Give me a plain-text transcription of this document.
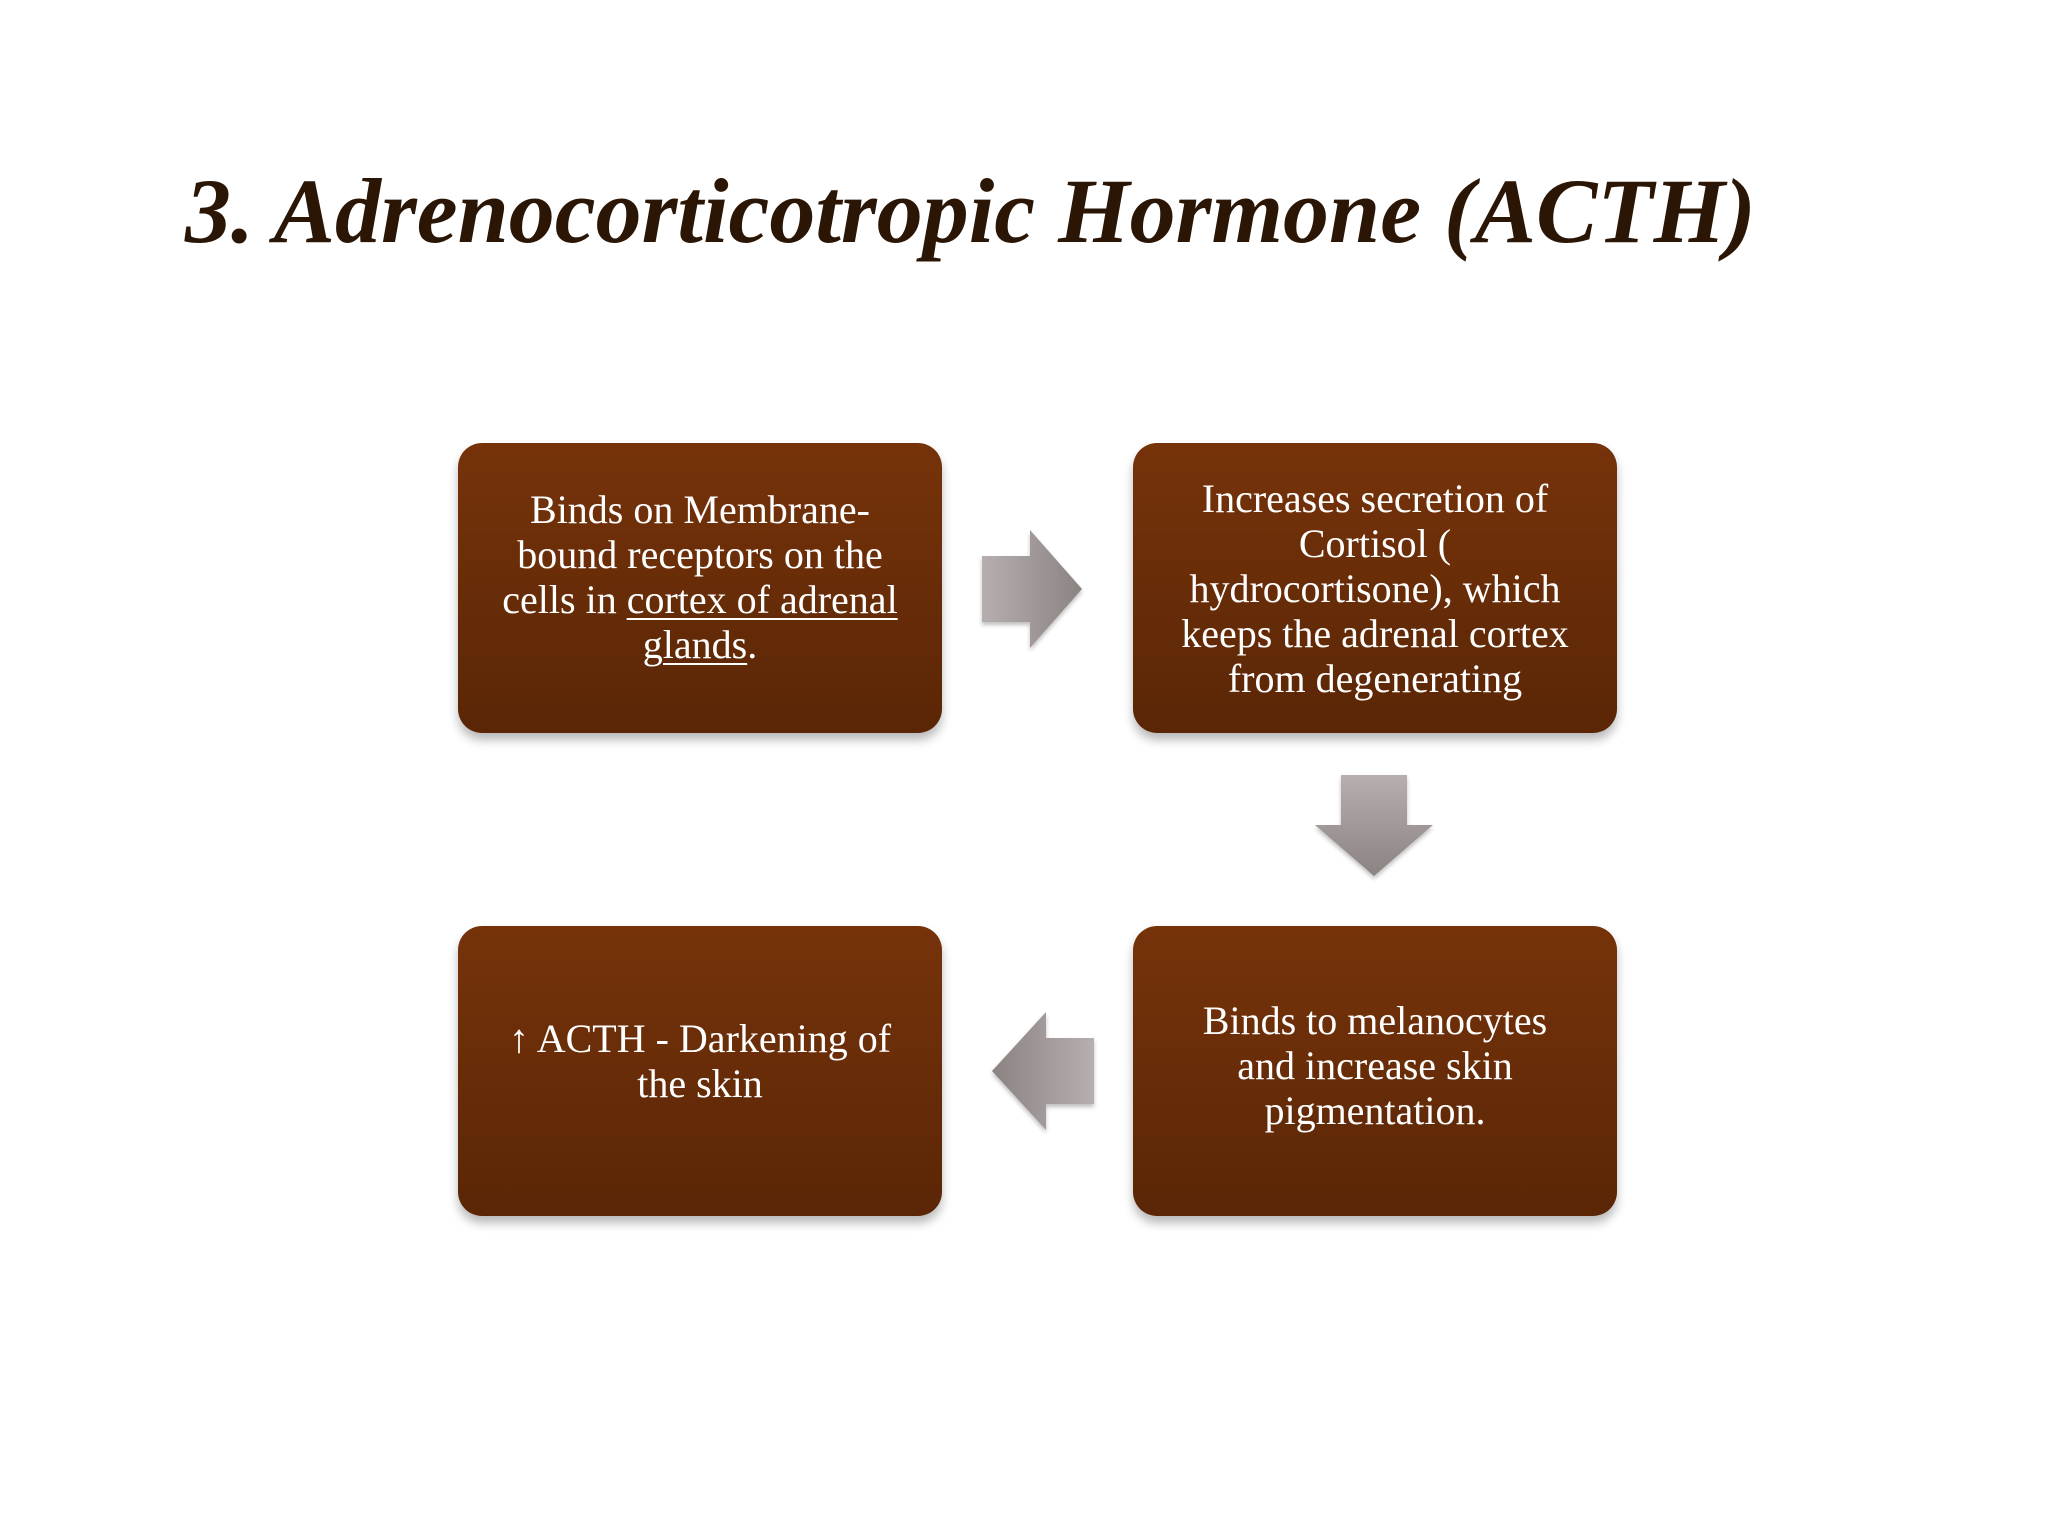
3. Adrenocorticotropic Hormone (ACTH)
Binds on Membrane-
bound receptors on the
cells in cortex of adrenal
glands.
Increases secretion of
Cortisol (
hydrocortisone), which
keeps the adrenal cortex
from degenerating
Binds to melanocytes
and increase skin
pigmentation.
↑ ACTH - Darkening of
the skin
